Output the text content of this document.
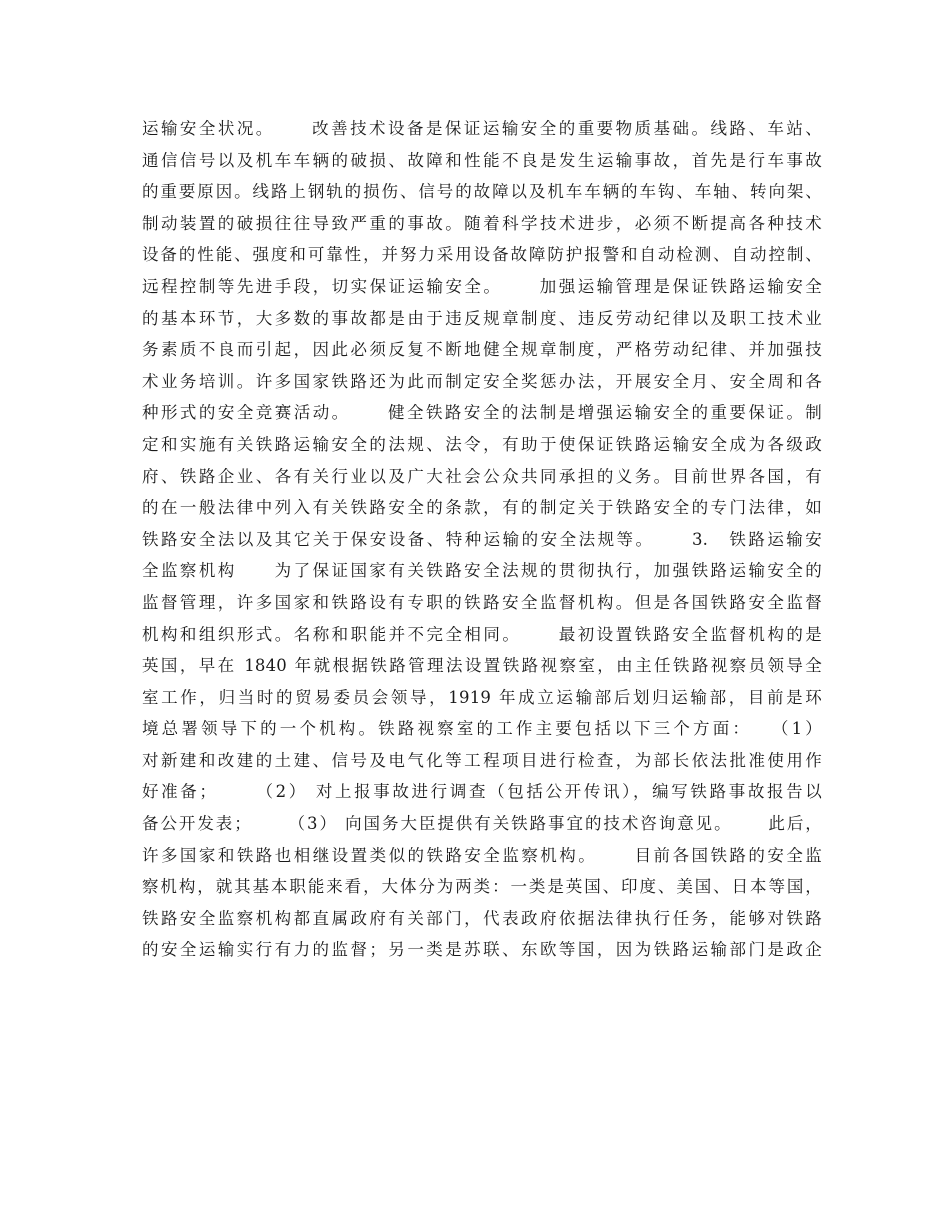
运输安全状况。　　 改善技术设备是保证运输安全的重要物质基础。线路、车站、
通信信号以及机车车辆的破损、故障和性能不良是发生运输事故，首先是行车事故
的重要原因。线路上钢轨的损伤、信号的故障以及机车车辆的车钩、车轴、转向架、
制动装置的破损往往导致严重的事故。随着科学技术进步，必须不断提高各种技术
设备的性能、强度和可靠性，并努力采用设备故障防护报警和自动检测、自动控制、
远程控制等先进手段，切实保证运输安全。　　 加强运输管理是保证铁路运输安全
的基本环节，大多数的事故都是由于违反规章制度、违反劳动纪律以及职工技术业
务素质不良而引起，因此必须反复不断地健全规章制度，严格劳动纪律、并加强技
术业务培训。许多国家铁路还为此而制定安全奖惩办法，开展安全月、安全周和各
种形式的安全竞赛活动。　　 健全铁路安全的法制是增强运输安全的重要保证。制
定和实施有关铁路运输安全的法规、法令，有助于使保证铁路运输安全成为各级政
府、铁路企业、各有关行业以及广大社会公众共同承担的义务。目前世界各国，有
的在一般法律中列入有关铁路安全的条款，有的制定关于铁路安全的专门法律，如
铁路安全法以及其它关于保安设备、特种运输的安全法规等。　　 3.　铁路运输安
全监察机构　　为了保证国家有关铁路安全法规的贯彻执行，加强铁路运输安全的
监督管理，许多国家和铁路设有专职的铁路安全监督机构。但是各国铁路安全监督
机构和组织形式。名称和职能并不完全相同。　　 最初设置铁路安全监督机构的是
英国，早在 1840 年就根据铁路管理法设置铁路视察室，由主任铁路视察员领导全
室工作，归当时的贸易委员会领导，1919 年成立运输部后划归运输部，目前是环
境总署领导下的一个机构。铁路视察室的工作主要包括以下三个方面：　 （1）
对新建和改建的土建、信号及电气化等工程项目进行检查，为部长依法批准使用作
好准备；　　 （2） 对上报事故进行调查（包括公开传讯），编写铁路事故报告以
备公开发表；　　 （3） 向国务大臣提供有关铁路事宜的技术咨询意见。　　 此后，
许多国家和铁路也相继设置类似的铁路安全监察机构。　　 目前各国铁路的安全监
察机构，就其基本职能来看，大体分为两类：一类是英国、印度、美国、日本等国，
铁路安全监察机构都直属政府有关部门，代表政府依据法律执行任务，能够对铁路
的安全运输实行有力的监督；另一类是苏联、东欧等国，因为铁路运输部门是政企
